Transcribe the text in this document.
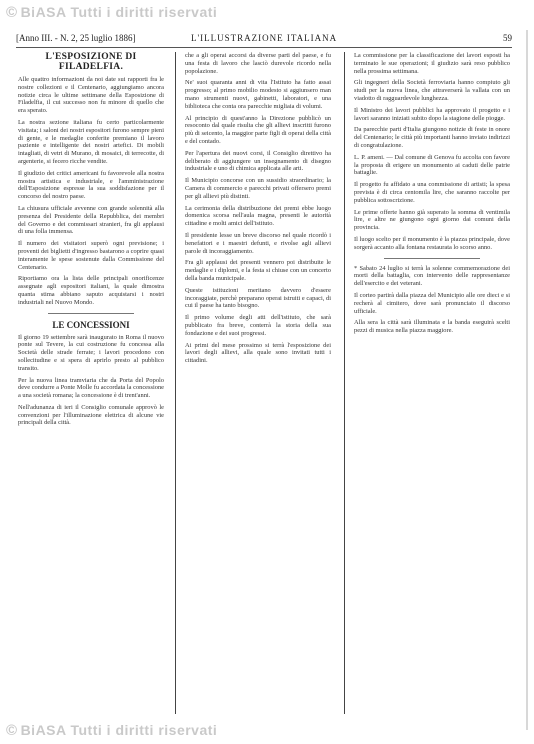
© BiASA Tutti i diritti riservati
[Anno III. - N. 2, 25 luglio 1886]	L'ILLUSTRAZIONE ITALIANA	59
L'ESPOSIZIONE DI FILADELFIA.

Alle quattro informazioni da noi date sui rapporti fra le nostre collezioni e il Centenario, aggiungiamo ancora notizie circa le ultime settimane della Esposizione di Filadelfia, il cui successo non fu minore di quello che era sperato.

La nostra sezione italiana fu certo particolarmente visitata; i saloni dei nostri espositori furono sempre pieni di gente, e le medaglie conferite premiano il lavoro paziente e intelligente dei nostri artefici. Di mobili intagliati, di vetri di Murano, di mosaici, di terrecotte, di argenterie, si fecero ricche vendite.

Il giudizio dei critici americani fu favorevole alla nostra mostra artistica e industriale, e l'amministrazione dell'Esposizione espresse la sua soddisfazione per il concorso del nostro paese.

La chiusura ufficiale avvenne con grande solennità alla presenza del Presidente della Repubblica, dei membri del Governo e dei commissari stranieri, fra gli applausi di una folla immensa.

Il numero dei visitatori superò ogni previsione; i proventi dei biglietti d'ingresso bastarono a coprire quasi interamente le spese sostenute dalla Commissione del Centenario.

Riportiamo ora la lista delle principali onorificenze assegnate agli espositori italiani, la quale dimostra quanta stima abbiano saputo acquistarsi i nostri industriali nel Nuovo Mondo.

LE CONCESSIONI

Il giorno 19 settembre sarà inaugurato in Roma il nuovo ponte sul Tevere, la cui costruzione fu concessa alla Società delle strade ferrate; i lavori procedono con sollecitudine e si spera di aprirlo presto al pubblico transito.

Per la nuova linea tramviaria che da Porta del Popolo deve condurre a Ponte Molle fu accordata la concessione a una società romana; la concessione è di trent'anni.

Nell'adunanza di ieri il Consiglio comunale approvò le convenzioni per l'illuminazione elettrica di alcune vie principali della città.

che a gli operai accorsi da diverse parti del paese, e fu una festa di lavoro che lasciò durevole ricordo nella popolazione.

Ne' suoi quaranta anni di vita l'Istituto ha fatto assai progresso; al primo mobilio modesto si aggiunsero man mano strumenti nuovi, gabinetti, laboratori, e una biblioteca che conta ora parecchie migliaia di volumi.

Al principio di quest'anno la Direzione pubblicò un resoconto dal quale risulta che gli allievi inscritti furono più di seicento, la maggior parte figli di operai della città e del contado.

Per l'apertura dei nuovi corsi, il Consiglio direttivo ha deliberato di aggiungere un insegnamento di disegno industriale e uno di chimica applicata alle arti.

Il Municipio concorse con un sussidio straordinario; la Camera di commercio e parecchi privati offersero premi per gli allievi più distinti.

La cerimonia della distribuzione dei premi ebbe luogo domenica scorsa nell'aula magna, presenti le autorità cittadine e molti amici dell'istituto.

Il presidente lesse un breve discorso nel quale ricordò i benefattori e i maestri defunti, e rivolse agli allievi parole di incoraggiamento.

Fra gli applausi dei presenti vennero poi distribuite le medaglie e i diplomi, e la festa si chiuse con un concerto della banda municipale.

Queste istituzioni meritano davvero d'essere incoraggiate, perchè preparano operai istruiti e capaci, di cui il paese ha tanto bisogno.

Il primo volume degli atti dell'istituto, che sarà pubblicato fra breve, conterrà la storia della sua fondazione e dei suoi progressi.

Ai primi del mese prossimo si terrà l'esposizione dei lavori degli allievi, alla quale sono invitati tutti i cittadini.

La commissione per la classificazione dei lavori esposti ha terminato le sue operazioni; il giudizio sarà reso pubblico nella prossima settimana.

Gli ingegneri della Società ferroviaria hanno compiuto gli studi per la nuova linea, che attraverserà la vallata con un viadotto di ragguardevole lunghezza.

Il Ministro dei lavori pubblici ha approvato il progetto e i lavori saranno iniziati subito dopo la stagione delle piogge.

Da parecchie parti d'Italia giungono notizie di feste in onore del Centenario; le città più importanti hanno inviato indirizzi di congratulazione.

L. P. ameni. — Dal comune di Genova fu accolta con favore la proposta di erigere un monumento ai caduti delle patrie battaglie.

Il progetto fu affidato a una commissione di artisti; la spesa prevista è di circa centomila lire, che saranno raccolte per pubblica sottoscrizione.

Le prime offerte hanno già superato la somma di ventimila lire, e altre ne giungono ogni giorno dai comuni della provincia.

Il luogo scelto per il monumento è la piazza principale, dove sorgerà accanto alla fontana restaurata lo scorso anno.

* Sabato 24 luglio si terrà la solenne commemorazione dei morti della battaglia, con intervento delle rappresentanze dell'esercito e dei veterani.

Il corteo partirà dalla piazza del Municipio alle ore dieci e si recherà al cimitero, dove sarà pronunciato il discorso ufficiale.

Alla sera la città sarà illuminata e la banda eseguirà scelti pezzi di musica nella piazza maggiore.

© BiASA Tutti i diritti riservati
